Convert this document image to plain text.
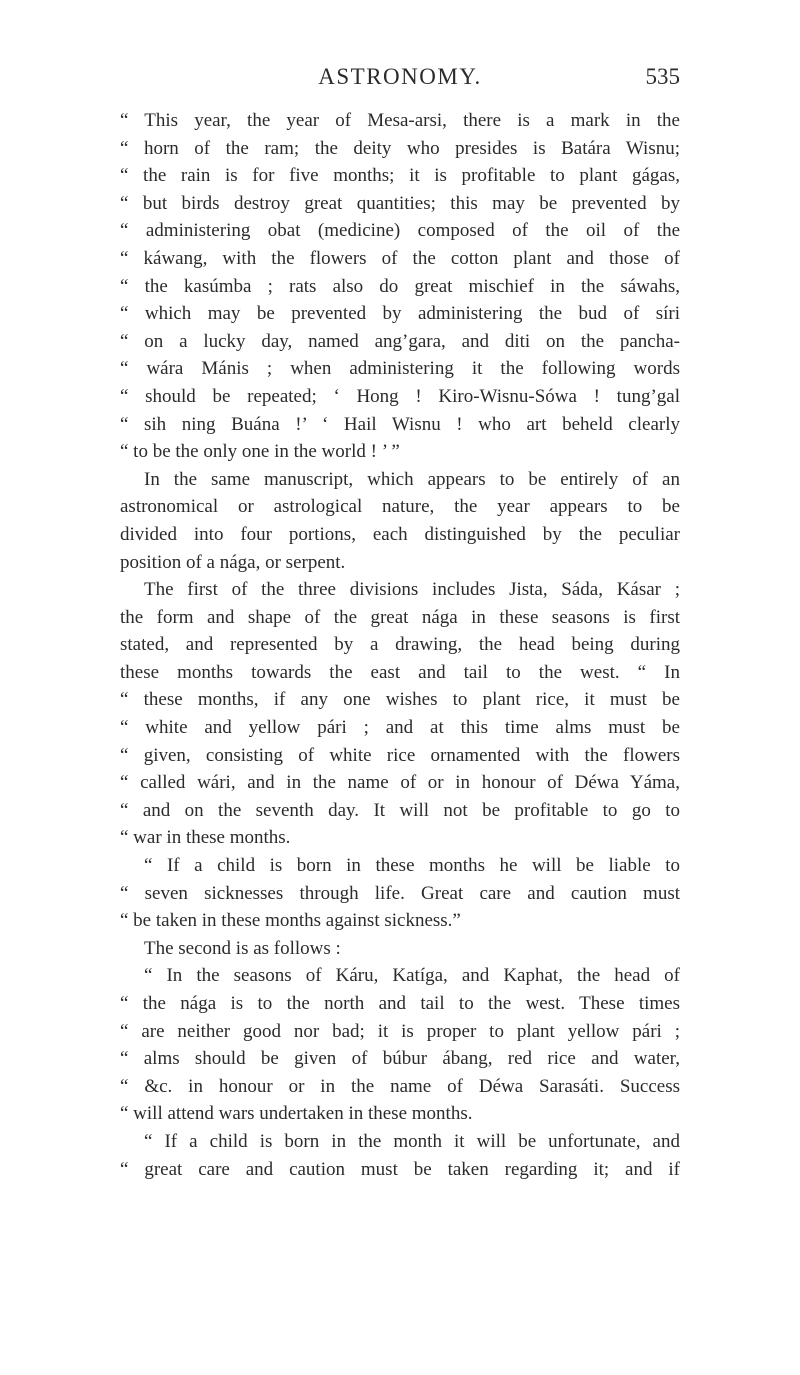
ASTRONOMY.	535
“ This year, the year of Mesa-arsi, there is a mark in the
“ horn of the ram; the deity who presides is Batára Wisnu;
“ the rain is for five months; it is profitable to plant gágas,
“ but birds destroy great quantities; this may be prevented by
“ administering obat (medicine) composed of the oil of the
“ káwang, with the flowers of the cotton plant and those of
“ the kasúmba ; rats also do great mischief in the sáwahs,
“ which may be prevented by administering the bud of síri
“ on a lucky day, named ang’gara, and diti on the pancha-
“ wára Mánis ; when administering it the following words
“ should be repeated; ‘ Hong ! Kiro-Wisnu-Sówa ! tung’gal
“ sih ning Buána !’ ‘ Hail Wisnu ! who art beheld clearly
“ to be the only one in the world ! ’ ”
In the same manuscript, which appears to be entirely of an
astronomical or astrological nature, the year appears to be
divided into four portions, each distinguished by the peculiar
position of a nága, or serpent.
The first of the three divisions includes Jista, Sáda, Kásar ;
the form and shape of the great nága in these seasons is first
stated, and represented by a drawing, the head being during
these months towards the east and tail to the west. “ In
“ these months, if any one wishes to plant rice, it must be
“ white and yellow pári ; and at this time alms must be
“ given, consisting of white rice ornamented with the flowers
“ called wári, and in the name of or in honour of Déwa Yáma,
“ and on the seventh day. It will not be profitable to go to
“ war in these months.
“ If a child is born in these months he will be liable to
“ seven sicknesses through life. Great care and caution must
“ be taken in these months against sickness.”
The second is as follows :
“ In the seasons of Káru, Katíga, and Kaphat, the head of
“ the nága is to the north and tail to the west. These times
“ are neither good nor bad; it is proper to plant yellow pári ;
“ alms should be given of búbur ábang, red rice and water,
“ &c. in honour or in the name of Déwa Sarasáti. Success
“ will attend wars undertaken in these months.
“ If a child is born in the month it will be unfortunate, and
“ great care and caution must be taken regarding it; and if
